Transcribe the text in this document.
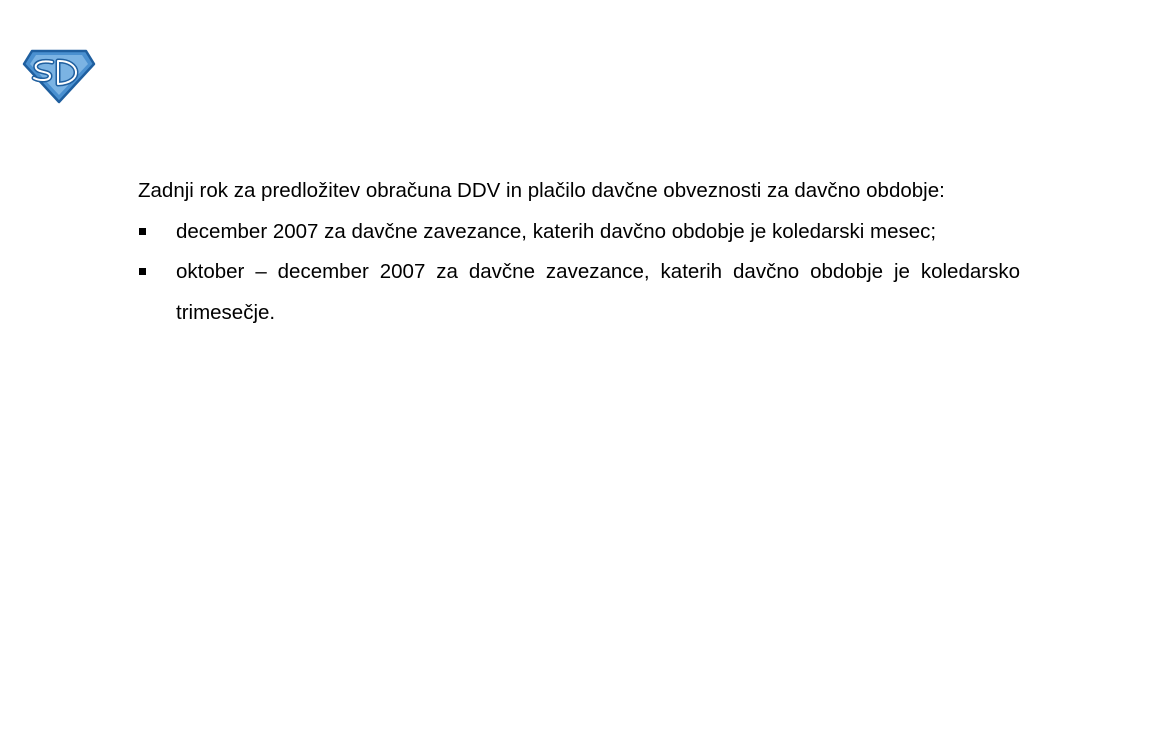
Zadnji rok za predložitev obračuna DDV in plačilo davčne obveznosti za davčno obdobje:

december 2007 za davčne zavezance, katerih davčno obdobje je koledarski mesec;
oktober – december 2007 za davčne zavezance, katerih davčno obdobje je koledarsko trimesečje.
